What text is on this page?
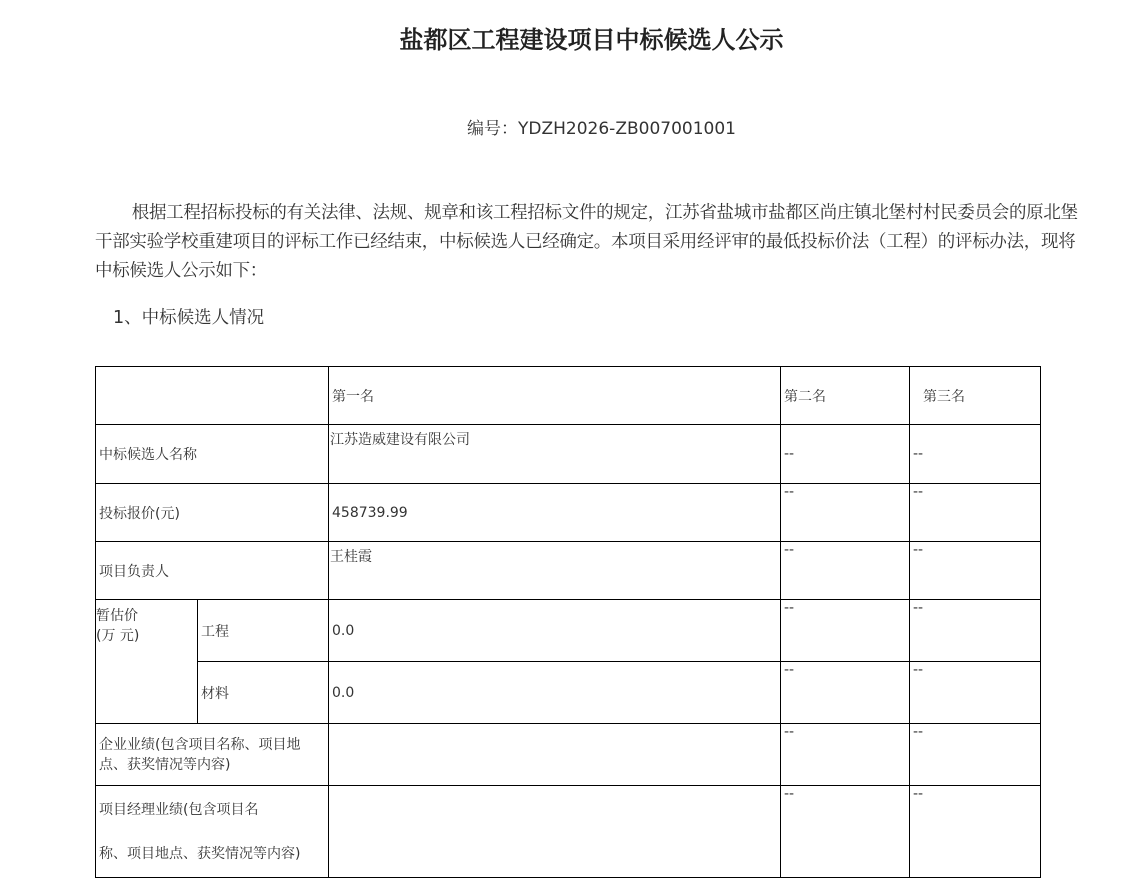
盐都区工程建设项目中标候选人公示
编号：YDZH2026-ZB007001001
根据工程招标投标的有关法律、法规、规章和该工程招标文件的规定，江苏省盐城市盐都区尚庄镇北堡村村民委员会的原北堡干部实验学校重建项目的评标工作已经结束，中标候选人已经确定。本项目采用经评审的最低投标价法（工程）的评标办法，现将中标候选人公示如下：
1、中标候选人情况
		第一名	第二名	第三名
中标候选人名称		江苏造威建设有限公司	--	--
投标报价(元)		458739.99	--	--
项目负责人		王桂霞	--	--
暂估价
(万 元)	工程	0.0	--	--
	材料	0.0	--	--
企业业绩(包含项目名称、项目地点、获奖情况等内容)			--	--

项目经理业绩(包含项目名
称、项目地点、获奖情况等内容)			--	--
